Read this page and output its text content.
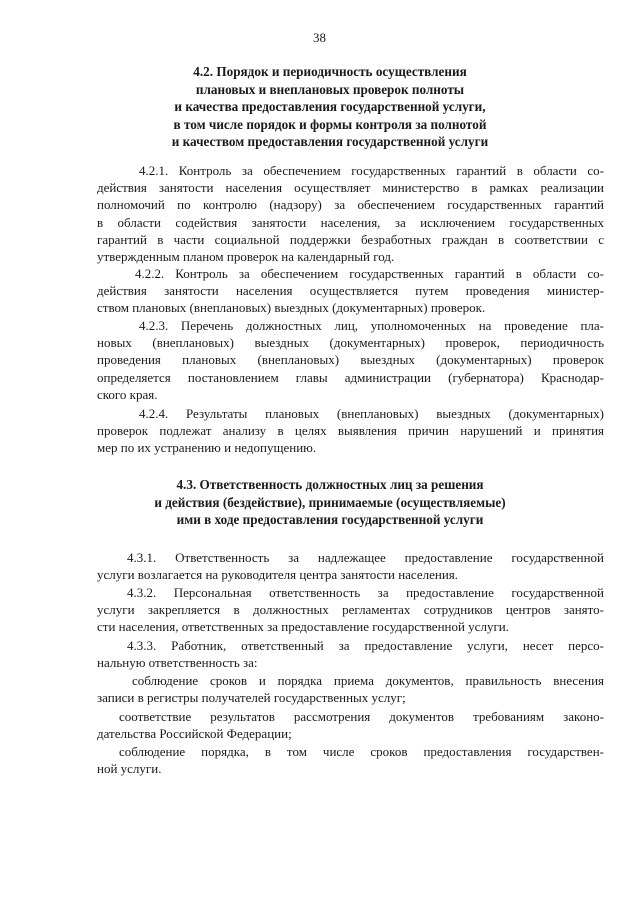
38
4.2. Порядок и периодичность осуществления
плановых и внеплановых проверок полноты
и качества предоставления государственной услуги,
в том числе порядок и формы контроля за полнотой
и качеством предоставления государственной услуги
4.2.1. Контроль за обеспечением государственных гарантий в области со-
действия занятости населения осуществляет министерство в рамках реализации
полномочий по контролю (надзору) за обеспечением государственных гарантий
в области содействия занятости населения, за исключением государственных
гарантий в части социальной поддержки безработных граждан в соответствии с
утвержденным планом проверок на календарный год.
4.2.2. Контроль за обеспечением государственных гарантий в области со-
действия занятости населения осуществляется путем проведения министер-
ством плановых (внеплановых) выездных (документарных) проверок.
4.2.3. Перечень должностных лиц, уполномоченных на проведение пла-
новых (внеплановых) выездных (документарных) проверок, периодичность
проведения плановых (внеплановых) выездных (документарных) проверок
определяется постановлением главы администрации (губернатора) Краснодар-
ского края.
4.2.4. Результаты плановых (внеплановых) выездных (документарных)
проверок подлежат анализу в целях выявления причин нарушений и принятия
мер по их устранению и недопущению.
4.3. Ответственность должностных лиц за решения
и действия (бездействие), принимаемые (осуществляемые)
ими в ходе предоставления государственной услуги
4.3.1. Ответственность за надлежащее предоставление государственной
услуги возлагается на руководителя центра занятости населения.
4.3.2. Персональная ответственность за предоставление государственной
услуги закрепляется в должностных регламентах сотрудников центров занято-
сти населения, ответственных за предоставление государственной услуги.
4.3.3. Работник, ответственный за предоставление услуги, несет персо-
нальную ответственность за:
соблюдение сроков и порядка приема документов, правильность внесения
записи в регистры получателей государственных услуг;
соответствие результатов рассмотрения документов требованиям законо-
дательства Российской Федерации;
соблюдение порядка, в том числе сроков предоставления государствен-
ной услуги.
